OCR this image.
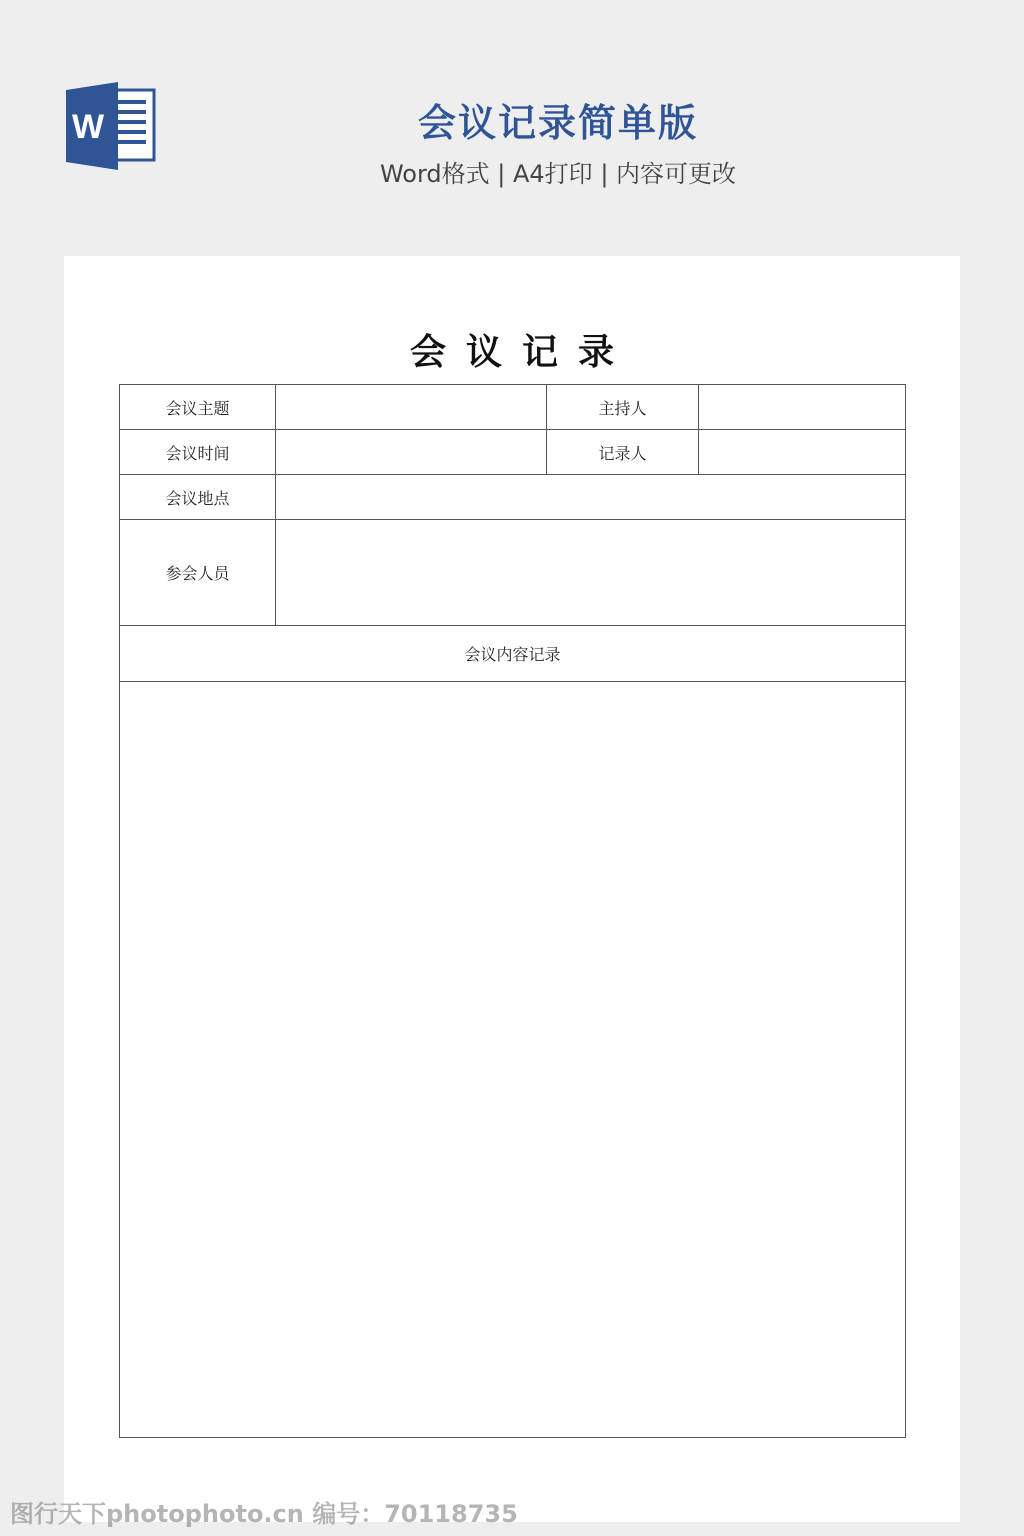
W	会议记录简单版
Word格式 | A4打印 | 内容可更改
会议记录
会议主题		主持人	
会议时间		记录人	
会议地点			
参会人员			
会议内容记录			

图行天下photophoto.cn 编号：70118735
